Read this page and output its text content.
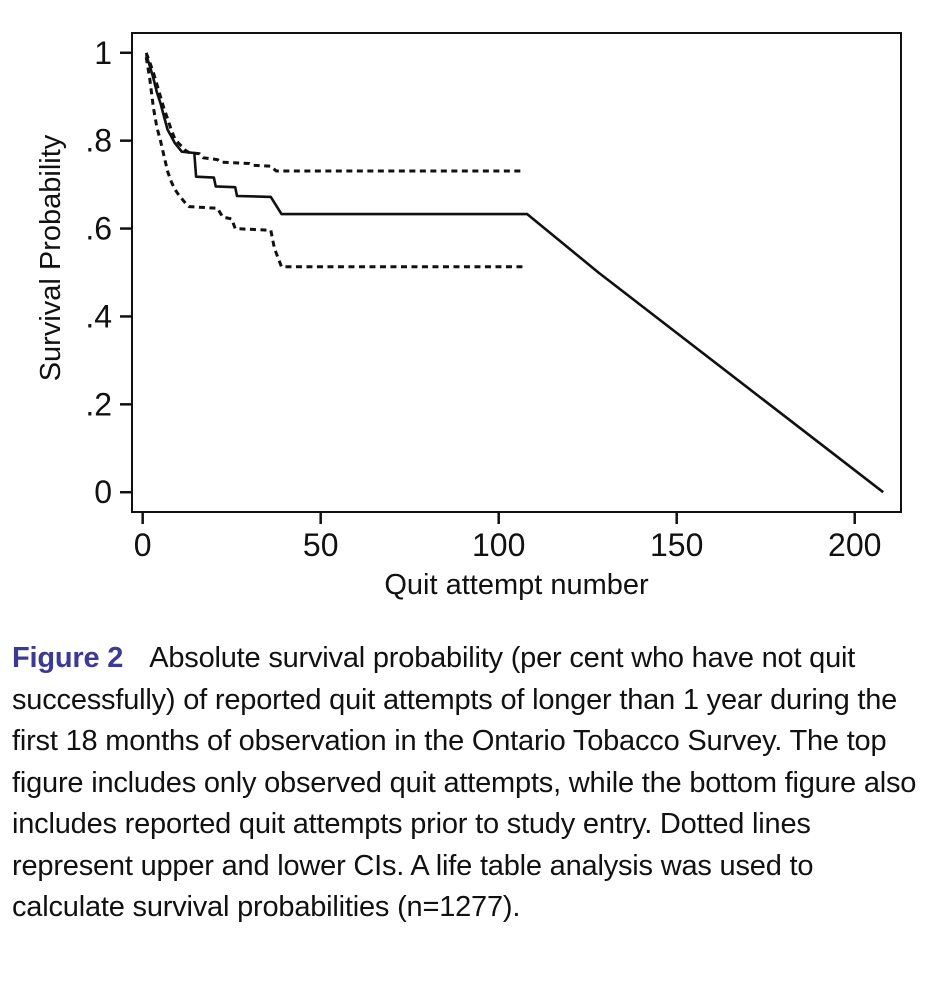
0	50	100	150	200
0
.2
.4
.6
.8
1
Quit attempt number
Survival Probability

Figure 2 Absolute survival probability (per cent who have not quit successfully) of reported quit attempts of longer than 1 year during the first 18 months of observation in the Ontario Tobacco Survey. The top figure includes only observed quit attempts, while the bottom figure also includes reported quit attempts prior to study entry. Dotted lines represent upper and lower CIs. A life table analysis was used to calculate survival probabilities (n=1277).
